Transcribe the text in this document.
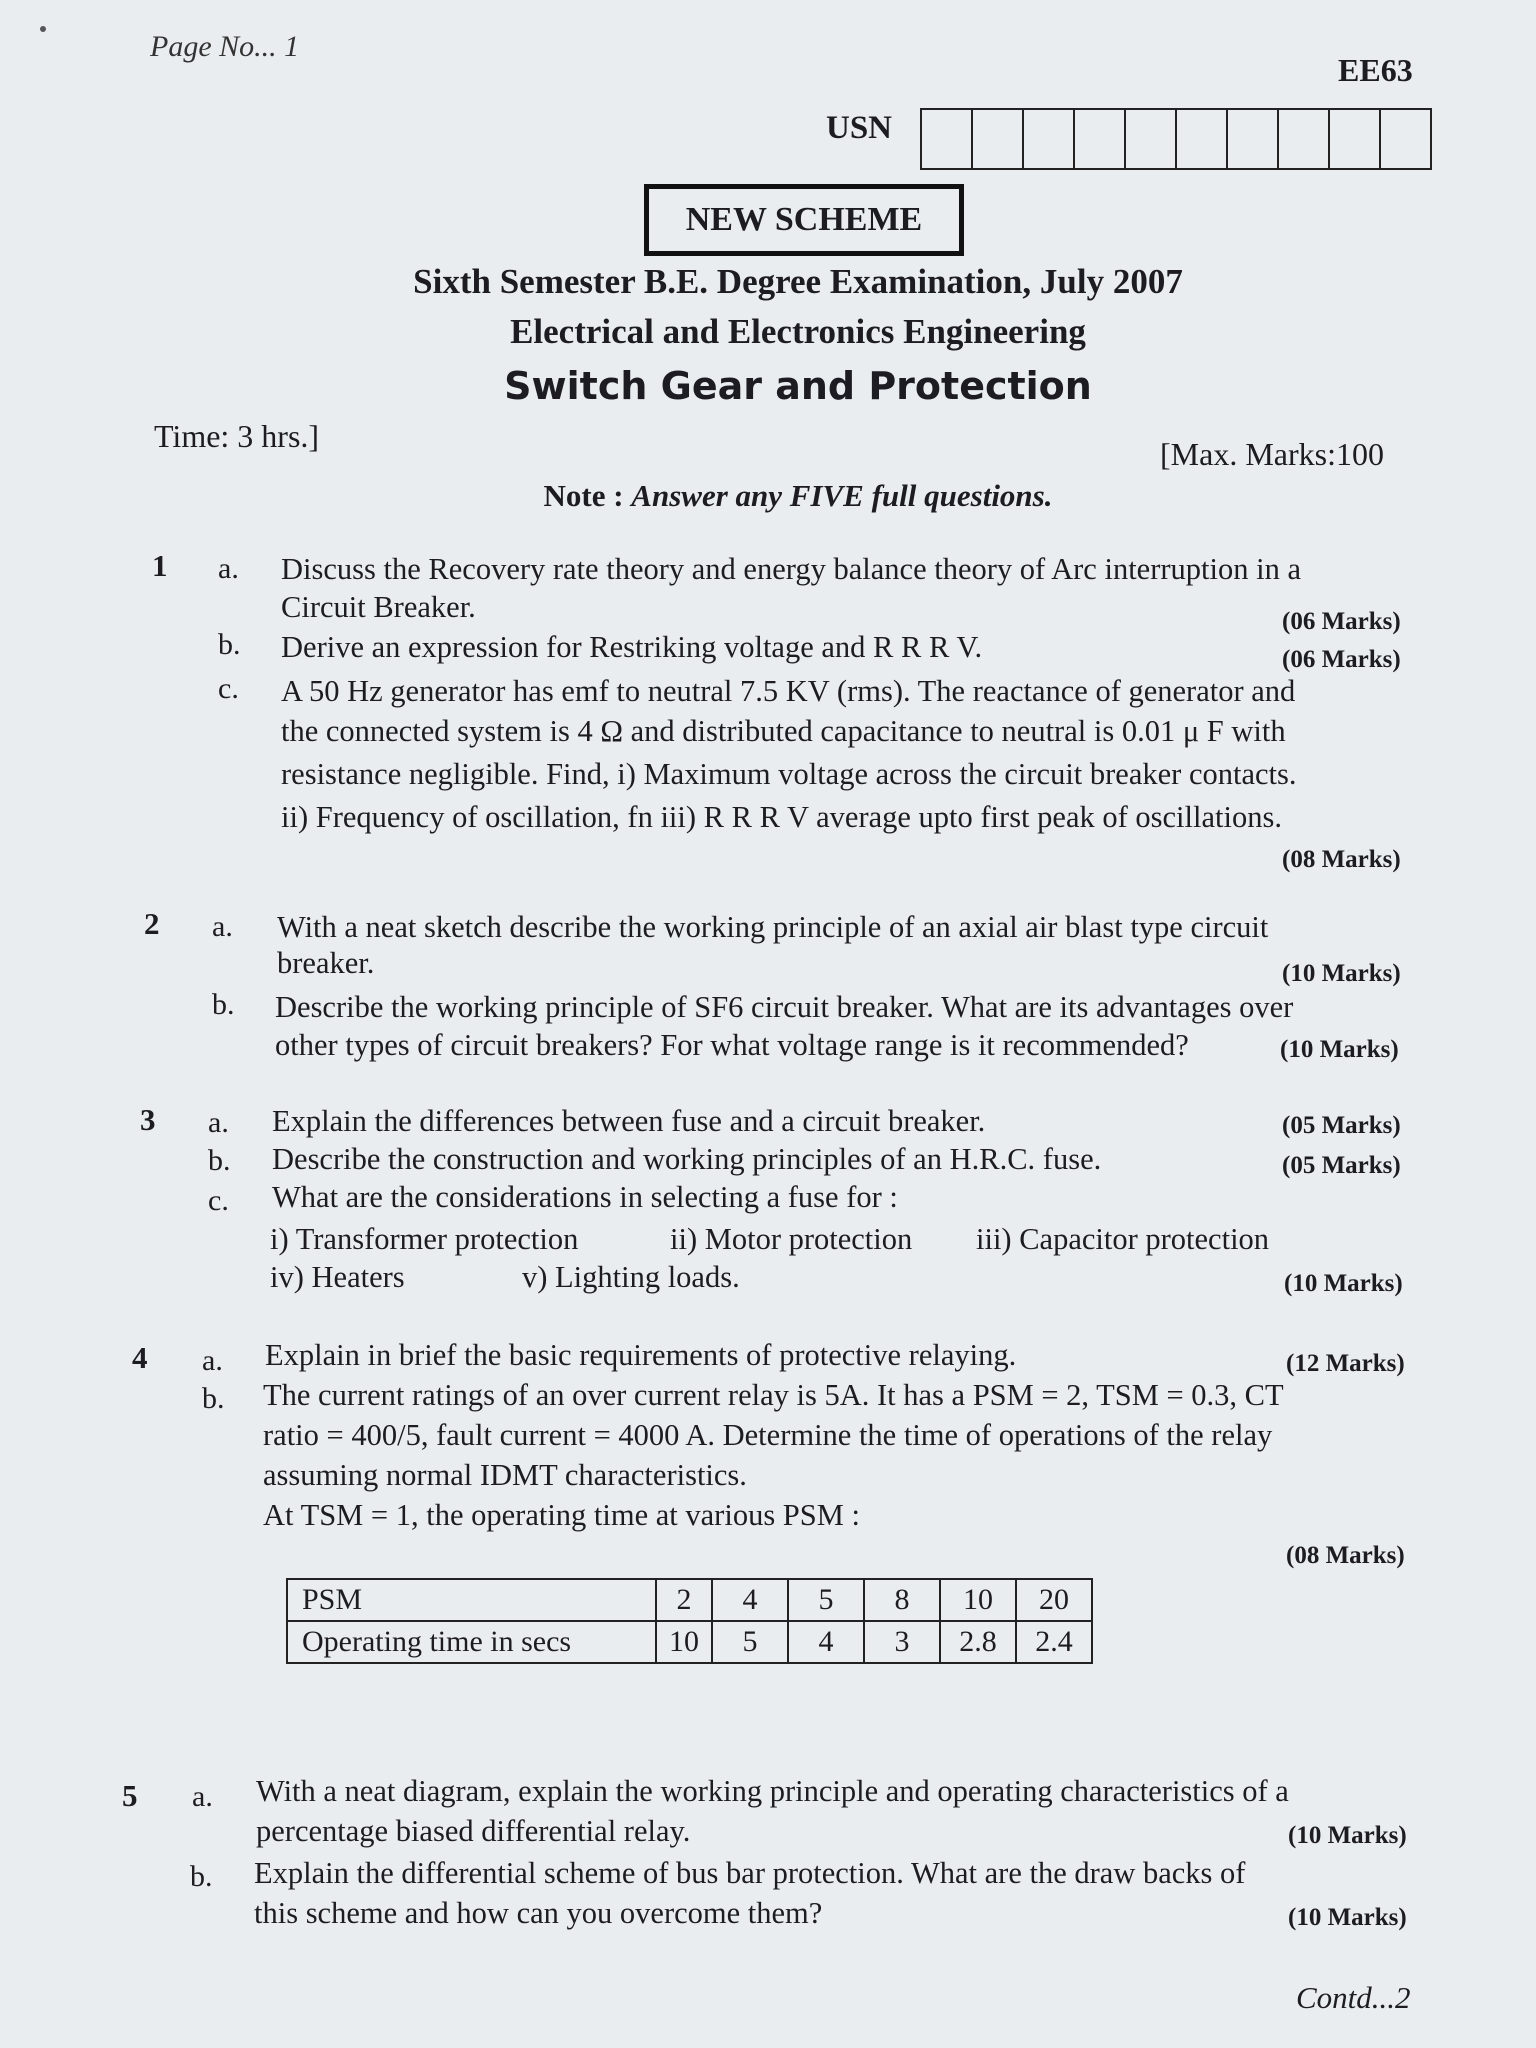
Page No... 1
EE63
USN
NEW SCHEME
Sixth Semester B.E. Degree Examination, July 2007
Electrical and Electronics Engineering
Switch Gear and Protection
Time: 3 hrs.]	[Max. Marks:100
Note : Answer any FIVE full questions.
1 a. Discuss the Recovery rate theory and energy balance theory of Arc interruption in a
Circuit Breaker.	(06 Marks)
b. Derive an expression for Restriking voltage and R R R V.	(06 Marks)
c. A 50 Hz generator has emf to neutral 7.5 KV (rms). The reactance of generator and
the connected system is 4 Ω and distributed capacitance to neutral is 0.01 μ F with
resistance negligible. Find, i) Maximum voltage across the circuit breaker contacts.
ii) Frequency of oscillation, fn iii) R R R V average upto first peak of oscillations.
(08 Marks)
2 a. With a neat sketch describe the working principle of an axial air blast type circuit
breaker.	(10 Marks)
b. Describe the working principle of SF6 circuit breaker. What are its advantages over
other types of circuit breakers? For what voltage range is it recommended?	(10 Marks)
3 a. Explain the differences between fuse and a circuit breaker.	(05 Marks)
b. Describe the construction and working principles of an H.R.C. fuse.	(05 Marks)
c. What are the considerations in selecting a fuse for :
i) Transformer protection	ii) Motor protection iii) Capacitor protection
iv) Heaters	v) Lighting loads.	(10 Marks)
4 a. Explain in brief the basic requirements of protective relaying.	(12 Marks)
b. The current ratings of an over current relay is 5A. It has a PSM = 2, TSM = 0.3, CT
ratio = 400/5, fault current = 4000 A. Determine the time of operations of the relay
assuming normal IDMT characteristics.
At TSM = 1, the operating time at various PSM :
(08 Marks)
PSM	2	4	5	8	10	20
Operating time in secs	10	5	4	3	2.8	2.4
5 a. With a neat diagram, explain the working principle and operating characteristics of a
percentage biased differential relay.	(10 Marks)
b. Explain the differential scheme of bus bar protection. What are the draw backs of
this scheme and how can you overcome them?	(10 Marks)
Contd...2
